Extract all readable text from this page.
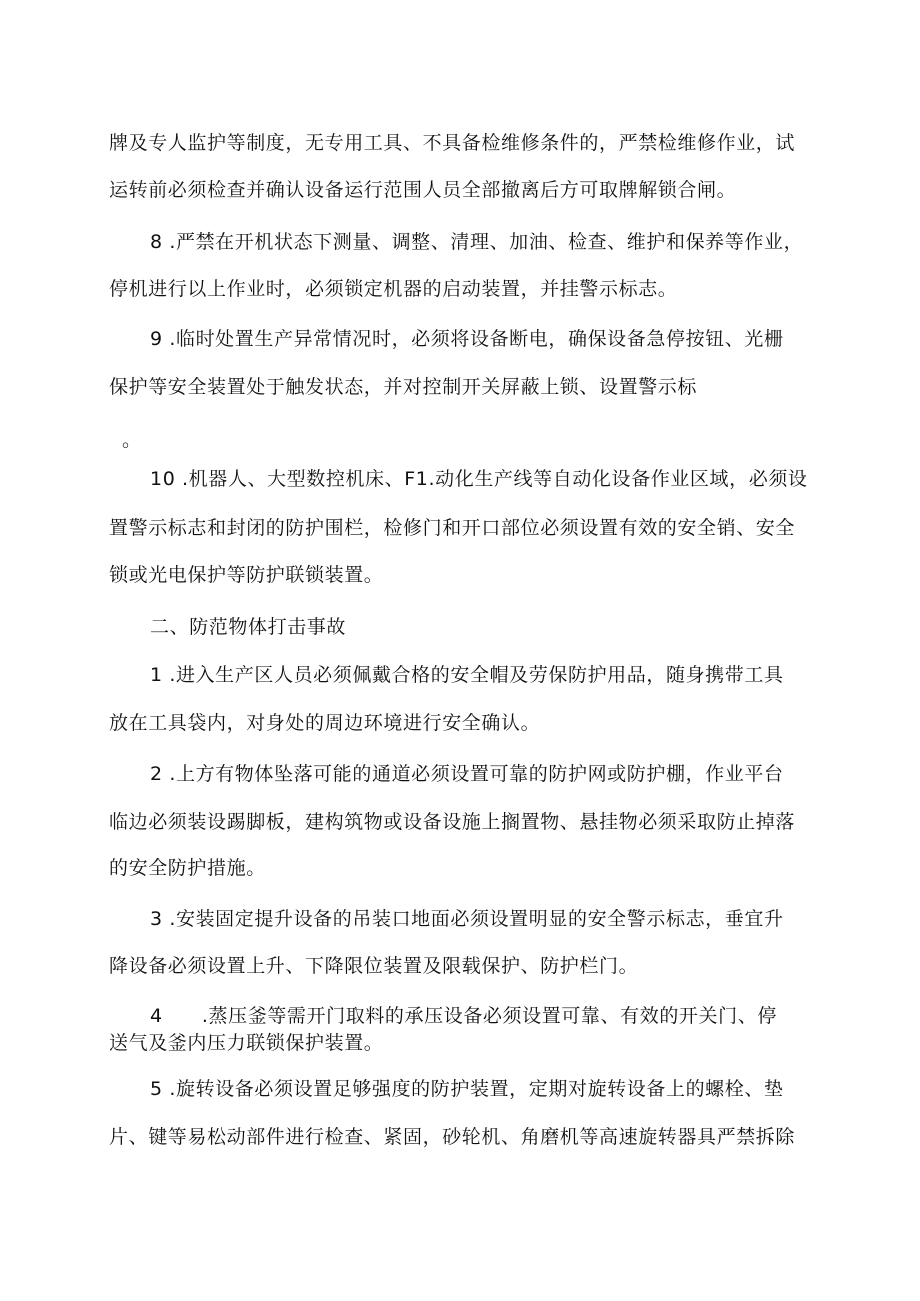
牌及专人监护等制度，无专用工具、不具备检维修条件的，严禁检维修作业，试
运转前必须检查并确认设备运行范围人员全部撤离后方可取牌解锁合闸。
8 .严禁在开机状态下测量、调整、清理、加油、检查、维护和保养等作业，
停机进行以上作业时，必须锁定机器的启动装置，并挂警示标志。
9 .临时处置生产异常情况时，必须将设备断电，确保设备急停按钮、光栅
保护等安全装置处于触发状态，并对控制开关屏蔽上锁、设置警示标
。
10 .机器人、大型数控机床、F1.动化生产线等自动化设备作业区域，必须设
置警示标志和封闭的防护围栏，检修门和开口部位必须设置有效的安全销、安全
锁或光电保护等防护联锁装置。
二、防范物体打击事故
1 .进入生产区人员必须佩戴合格的安全帽及劳保防护用品，随身携带工具
放在工具袋内，对身处的周边环境进行安全确认。
2 .上方有物体坠落可能的通道必须设置可靠的防护网或防护棚，作业平台
临边必须装设踢脚板，建构筑物或设备设施上搁置物、悬挂物必须采取防止掉落
的安全防护措施。
3 .安装固定提升设备的吊装口地面必须设置明显的安全警示标志，垂宜升
降设备必须设置上升、下降限位装置及限载保护、防护栏门。
4　　.蒸压釜等需开门取料的承压设备必须设置可靠、有效的开关门、停
送气及釜内压力联锁保护装置。
5 .旋转设备必须设置足够强度的防护装置，定期对旋转设备上的螺栓、垫
片、键等易松动部件进行检查、紧固，砂轮机、角磨机等高速旋转器具严禁拆除
